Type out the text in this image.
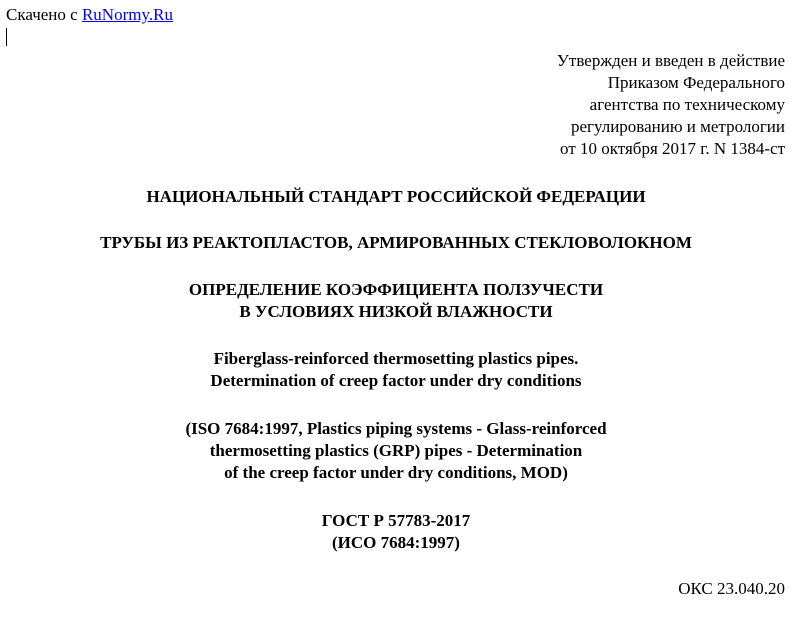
Скачено с RuNormy.Ru
Утвержден и введен в действие
Приказом Федерального
агентства по техническому
регулированию и метрологии
от 10 октября 2017 г. N 1384-ст
НАЦИОНАЛЬНЫЙ СТАНДАРТ РОССИЙСКОЙ ФЕДЕРАЦИИ
ТРУБЫ ИЗ РЕАКТОПЛАСТОВ, АРМИРОВАННЫХ СТЕКЛОВОЛОКНОМ
ОПРЕДЕЛЕНИЕ КОЭФФИЦИЕНТА ПОЛЗУЧЕСТИ
В УСЛОВИЯХ НИЗКОЙ ВЛАЖНОСТИ
Fiberglass-reinforced thermosetting plastics pipes.
Determination of creep factor under dry conditions
(ISO 7684:1997, Plastics piping systems - Glass-reinforced
thermosetting plastics (GRP) pipes - Determination
of the creep factor under dry conditions, MOD)
ГОСТ Р 57783-2017
(ИСО 7684:1997)
ОКС 23.040.20
